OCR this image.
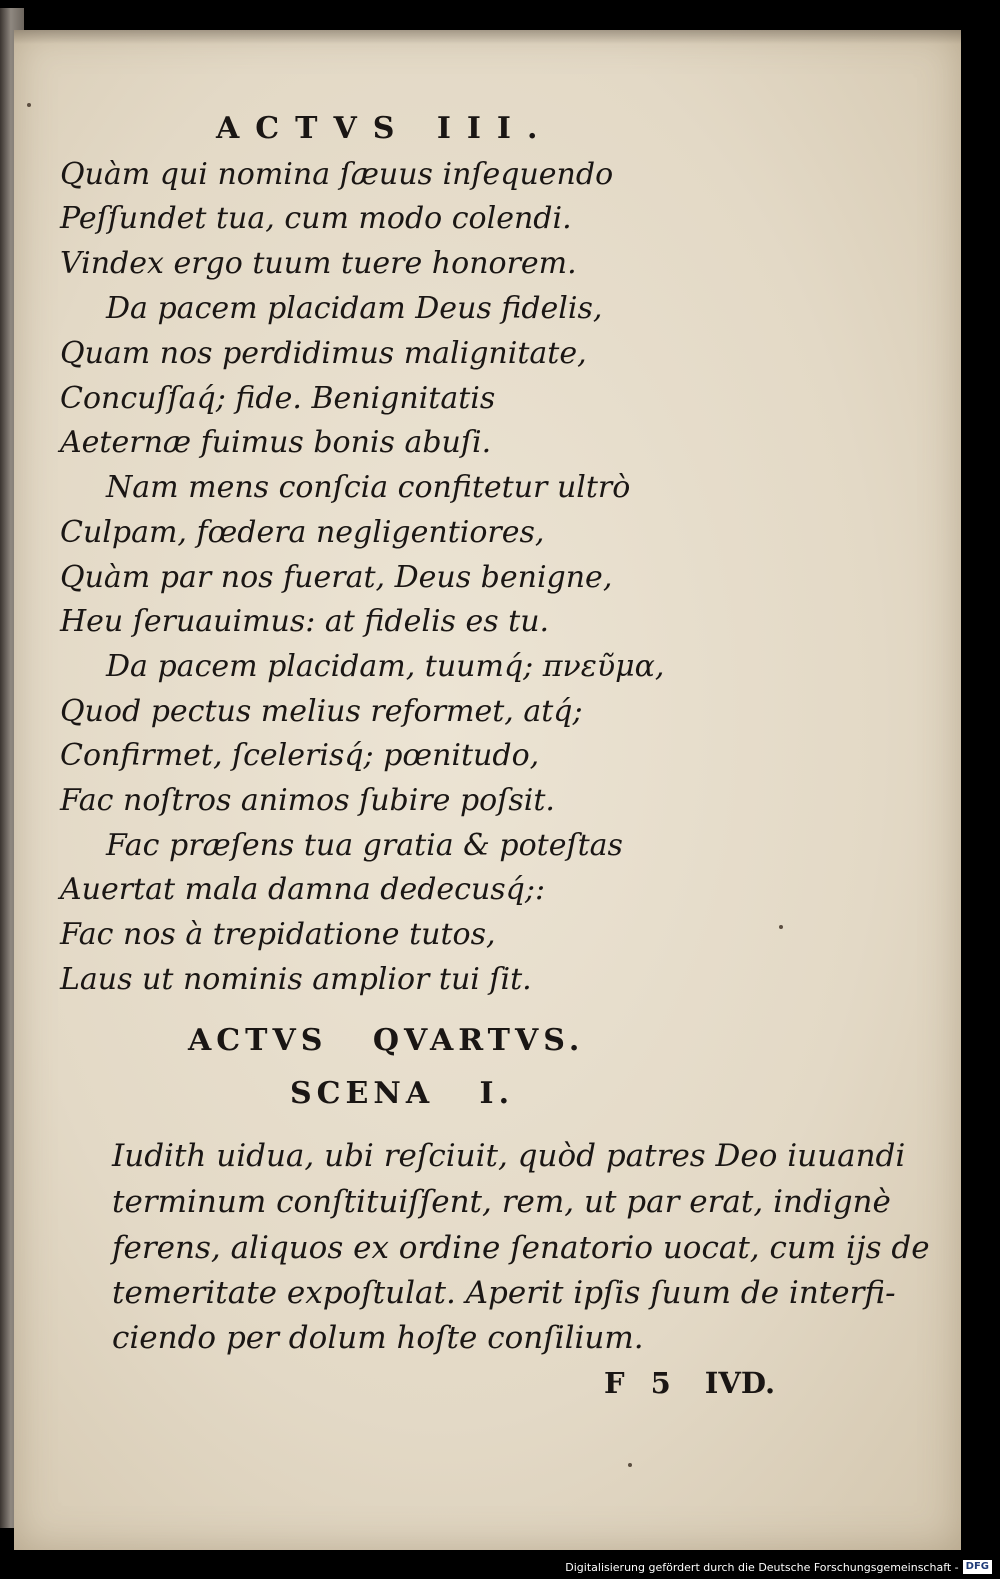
ACTVS III.
Quàm qui nomina ſæuus inſequendo
Peſſundet tua, cum modo colendi.
Vindex ergo tuum tuere honorem.
Da pacem placidam Deus fidelis,
Quam nos perdidimus malignitate,
Concuſſaq́; fide. Benignitatis
Aeternæ fuimus bonis abuſi.
Nam mens conſcia confitetur ultrò
Culpam, fœdera negligentiores,
Quàm par nos fuerat, Deus benigne,
Heu ſeruauimus: at fidelis es tu.
Da pacem placidam, tuumq́; πνεῦμα,
Quod pectus melius reformet, atq́;
Confirmet, ſcelerisq́; pœnitudo,
Fac noſtros animos ſubire poſsit.
Fac præſens tua gratia & poteſtas
Auertat mala damna dedecusq́;:
Fac nos à trepidatione tutos,
Laus ut nominis amplior tui ſit.
ACTVS QVARTVS.
SCENA I.
Iudith uidua, ubi reſciuit, quòd patres Deo iuuandi
terminum conſtituiſſent, rem, ut par erat, indignè
ferens, aliquos ex ordine ſenatorio uocat, cum ijs de
temeritate expoſtulat. Aperit ipſis ſuum de interfi-
ciendo per dolum hoſte conſilium.
F 5 IVD.
Digitalisierung gefördert durch die Deutsche Forschungsgemeinschaft - DFG
